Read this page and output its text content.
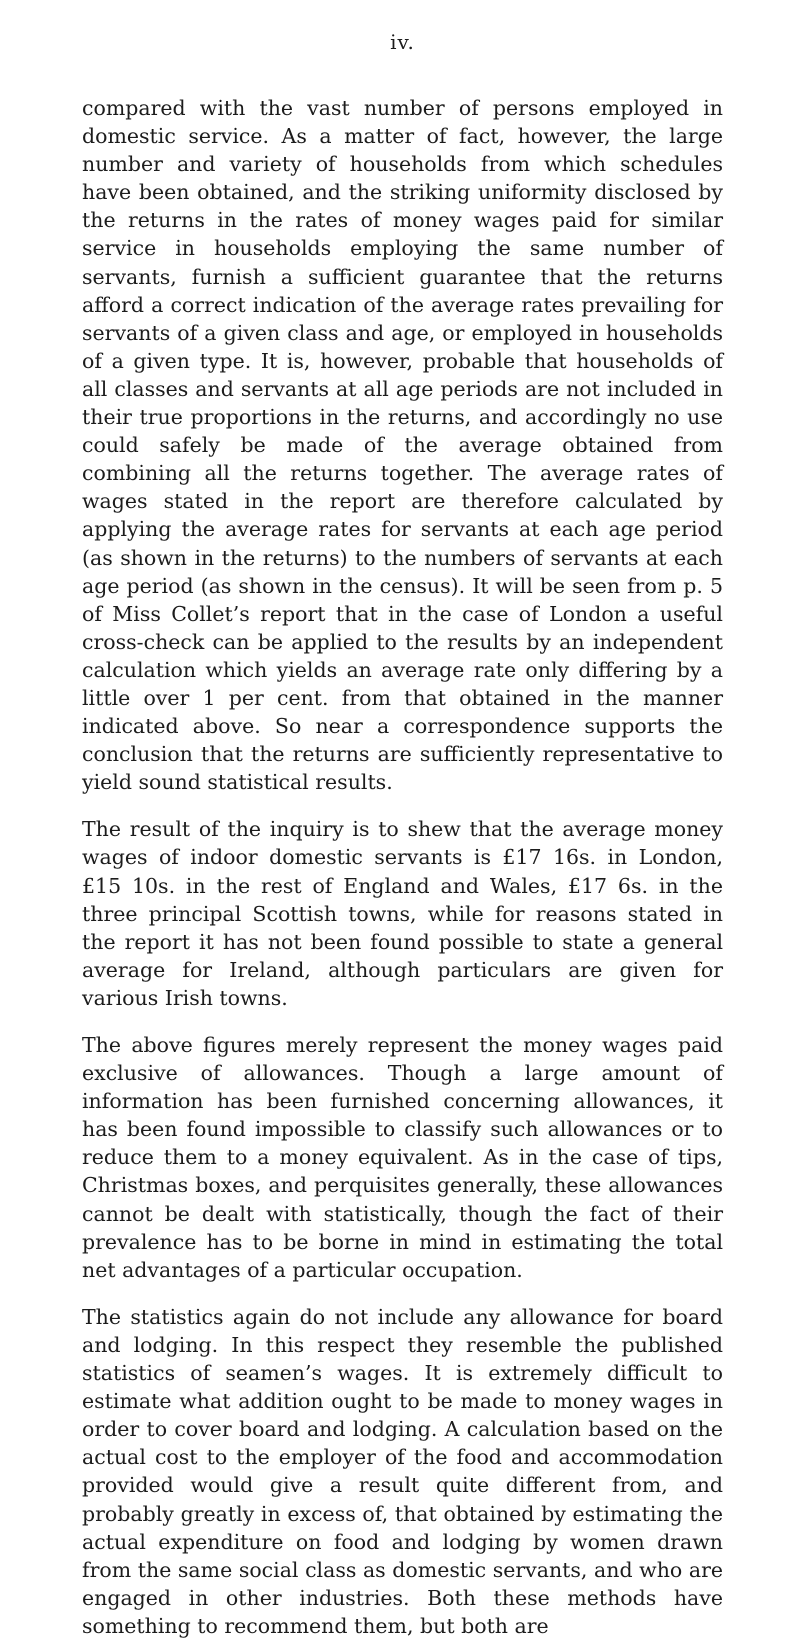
iv.

compared with the vast number of persons employed in domestic service. As a matter of fact, however, the large number and variety of households from which schedules have been obtained, and the striking uniformity disclosed by the returns in the rates of money wages paid for similar service in households employing the same number of servants, furnish a sufficient guarantee that the returns afford a correct indication of the average rates prevailing for servants of a given class and age, or employed in households of a given type. It is, however, probable that households of all classes and servants at all age periods are not included in their true proportions in the returns, and accordingly no use could safely be made of the average obtained from combining all the returns together. The average rates of wages stated in the report are therefore calculated by applying the average rates for servants at each age period (as shown in the returns) to the numbers of servants at each age period (as shown in the census). It will be seen from p. 5 of Miss Collet’s report that in the case of London a useful cross-check can be applied to the results by an independent calculation which yields an average rate only differing by a little over 1 per cent. from that obtained in the manner indicated above. So near a correspondence supports the conclusion that the returns are sufficiently representative to yield sound statistical results.

The result of the inquiry is to shew that the average money wages of indoor domestic servants is £17 16s. in London, £15 10s. in the rest of England and Wales, £17 6s. in the three principal Scottish towns, while for reasons stated in the report it has not been found possible to state a general average for Ireland, although particulars are given for various Irish towns.

The above figures merely represent the money wages paid exclusive of allowances. Though a large amount of information has been furnished concerning allowances, it has been found impossible to classify such allowances or to reduce them to a money equivalent. As in the case of tips, Christmas boxes, and perquisites generally, these allowances cannot be dealt with statistically, though the fact of their prevalence has to be borne in mind in estimating the total net advantages of a particular occupation.

The statistics again do not include any allowance for board and lodging. In this respect they resemble the published statistics of seamen’s wages. It is extremely difficult to estimate what addition ought to be made to money wages in order to cover board and lodging. A calculation based on the actual cost to the employer of the food and accommodation provided would give a result quite different from, and probably greatly in excess of, that obtained by estimating the actual expenditure on food and lodging by women drawn from the same social class as domestic servants, and who are engaged in other industries. Both these methods have something to recommend them, but both are
